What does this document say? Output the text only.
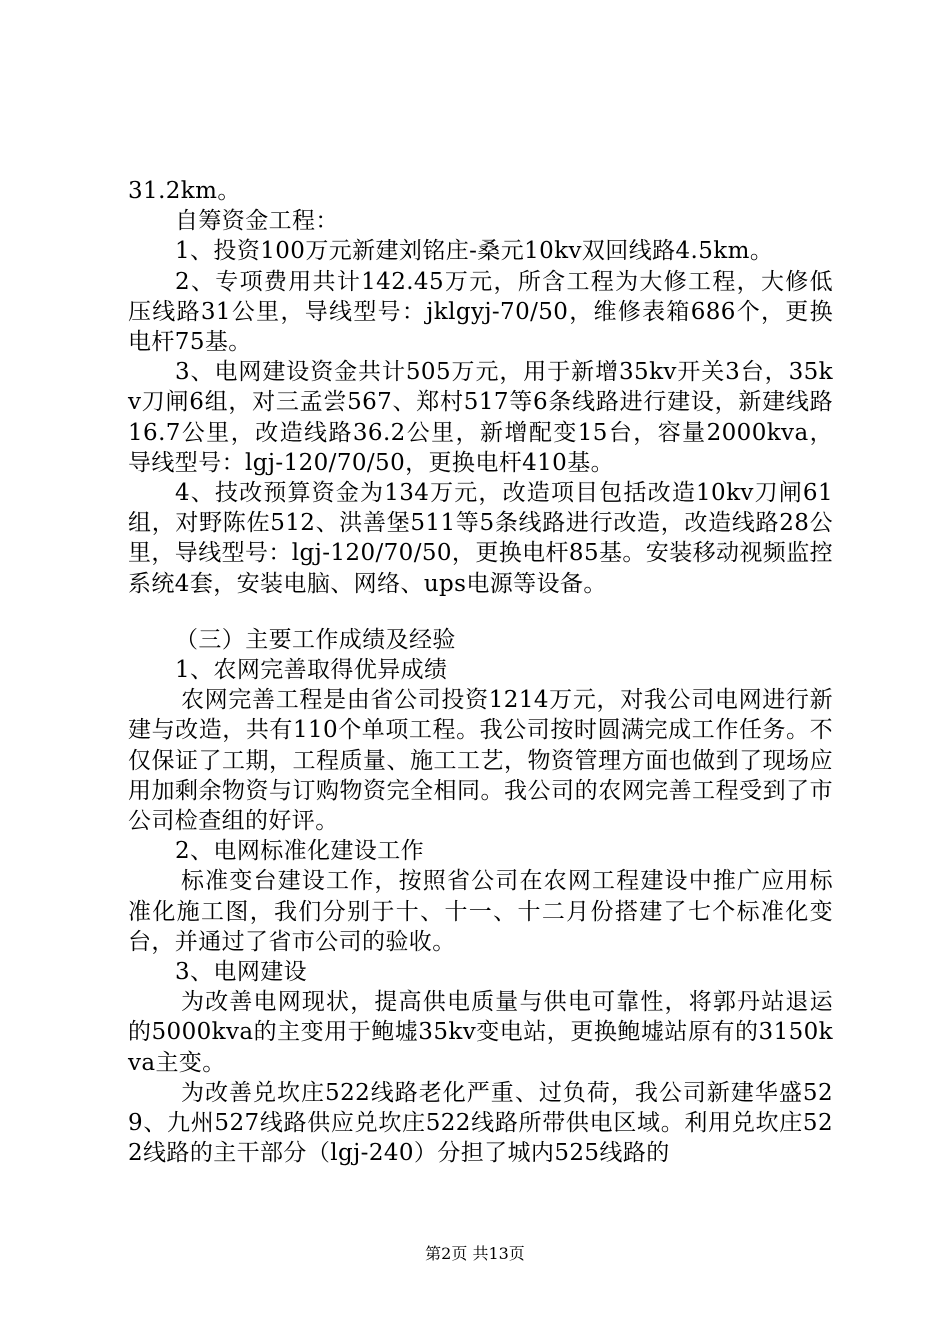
31.2km。

自筹资金工程：

1、投资100万元新建刘铭庄-桑元10kv双回线路4.5km。

2、专项费用共计142.45万元，所含工程为大修工程，大修低压线路31公里，导线型号：jklgyj-70/50，维修表箱686个，更换电杆75基。

3、电网建设资金共计505万元，用于新增35kv开关3台，35kv刀闸6组，对三孟尝567、郑村517等6条线路进行建设，新建线路16.7公里，改造线路36.2公里，新增配变15台，容量2000kva，导线型号：lgj-120/70/50，更换电杆410基。

4、技改预算资金为134万元，改造项目包括改造10kv刀闸61组，对野陈佐512、洪善堡511等5条线路进行改造，改造线路28公里，导线型号：lgj-120/70/50，更换电杆85基。安装移动视频监控系统4套，安装电脑、网络、ups电源等设备。

（三）主要工作成绩及经验

1、农网完善取得优异成绩

农网完善工程是由省公司投资1214万元，对我公司电网进行新建与改造，共有110个单项工程。我公司按时圆满完成工作任务。不仅保证了工期，工程质量、施工工艺，物资管理方面也做到了现场应用加剩余物资与订购物资完全相同。我公司的农网完善工程受到了市公司检查组的好评。

2、电网标准化建设工作

标准变台建设工作，按照省公司在农网工程建设中推广应用标准化施工图，我们分别于十、十一、十二月份搭建了七个标准化变台，并通过了省市公司的验收。

3、电网建设

为改善电网现状，提高供电质量与供电可靠性，将郭丹站退运的5000kva的主变用于鲍墟35kv变电站，更换鲍墟站原有的3150kva主变。

为改善兑坎庄522线路老化严重、过负荷，我公司新建华盛529、九州527线路供应兑坎庄522线路所带供电区域。利用兑坎庄522线路的主干部分（lgj-240）分担了城内525线路的

第2页 共13页
